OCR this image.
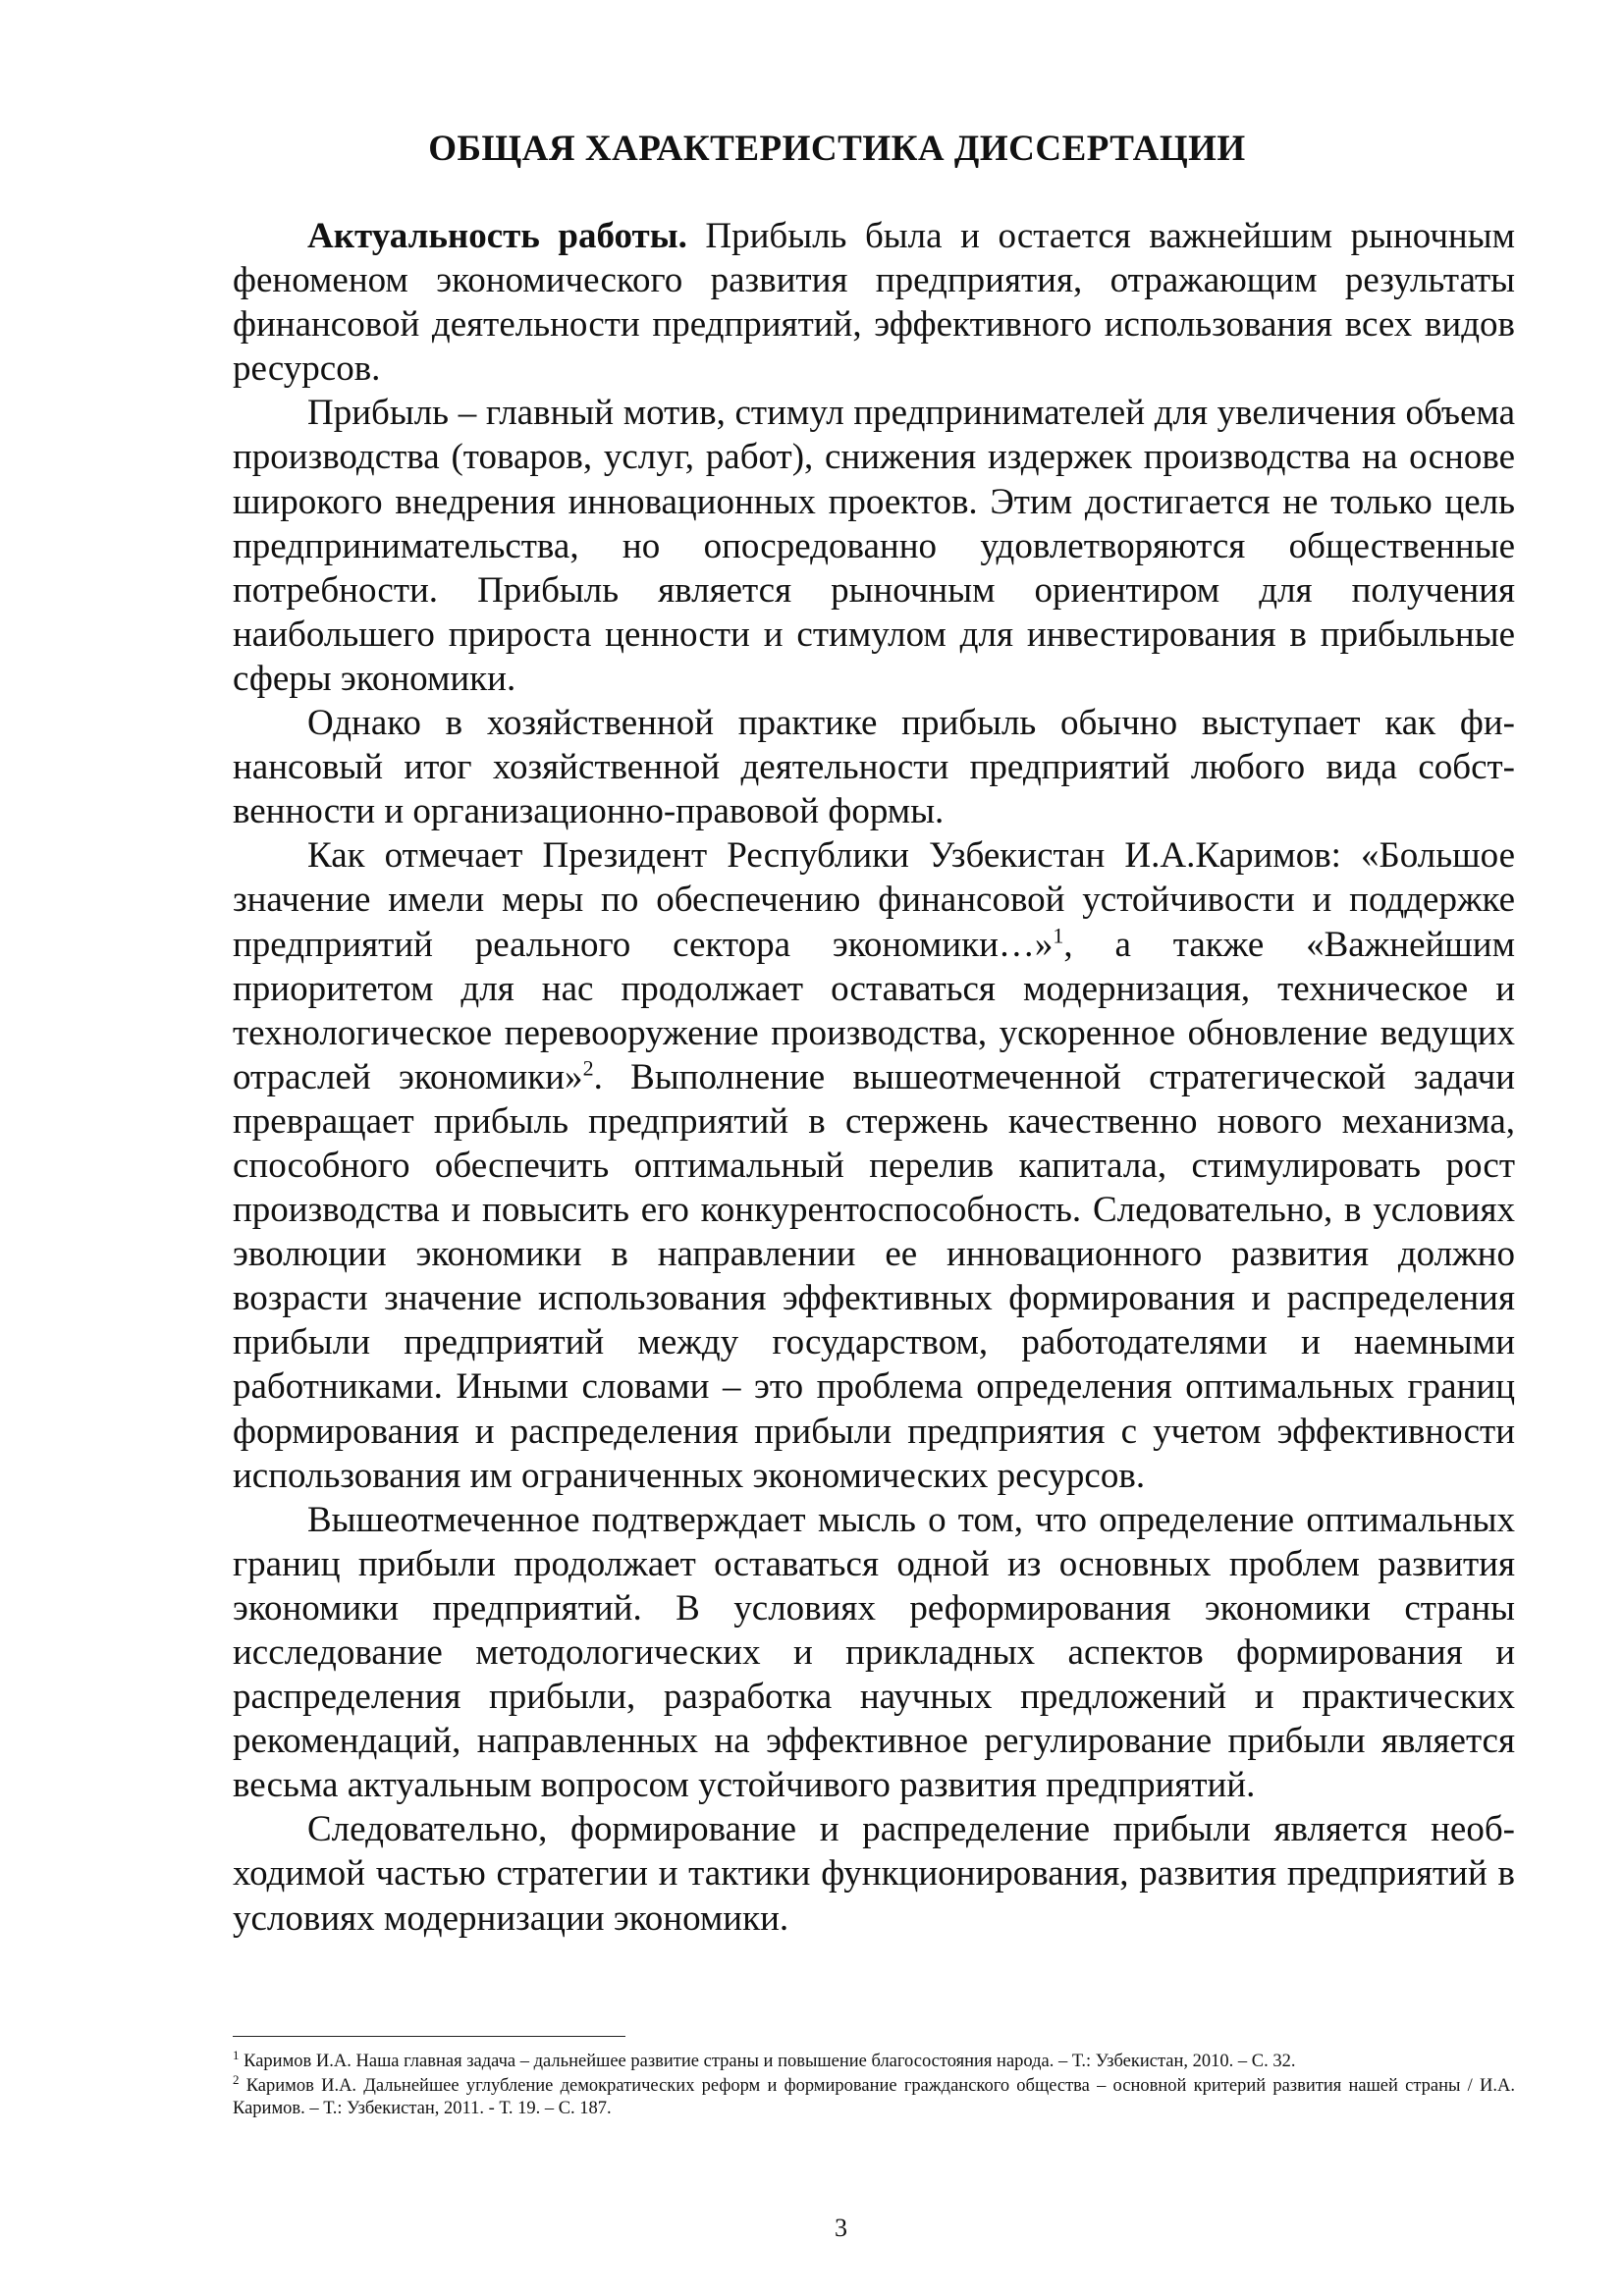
ОБЩАЯ ХАРАКТЕРИСТИКА ДИССЕРТАЦИИ

Актуальность работы. Прибыль была и остается важнейшим рыночным феноменом экономического развития предприятия, отражающим результаты финансовой деятельности предприятий, эффективного использования всех видов ресурсов.

Прибыль – главный мотив, стимул предпринимателей для увеличения объема производства (товаров, услуг, работ), снижения издержек производства на основе широкого внедрения инновационных проектов. Этим достигается не только цель предпринимательства, но опосредованно удовлетворяются общественные потребности. Прибыль является рыночным ориентиром для получения наибольшего прироста ценности и стимулом для инвестирования в прибыльные сферы экономики.

Однако в хозяйственной практике прибыль обычно выступает как финансовый итог хозяйственной деятельности предприятий любого вида собственности и организационно-правовой формы.

Как отмечает Президент Республики Узбекистан И.А.Каримов: «Большое значение имели меры по обеспечению финансовой устойчивости и поддержке предприятий реального сектора экономики…»$^1$, а также «Важнейшим приоритетом для нас продолжает оставаться модернизация, техническое и технологическое перевооружение производства, ускоренное обновление ведущих отраслей экономики»$^2$. Выполнение вышеотмеченной стратегической задачи превращает прибыль предприятий в стержень качественно нового механизма, способного обеспечить оптимальный перелив капитала, стимулировать рост производства и повысить его конкурентоспособность. Следовательно, в условиях эволюции экономики в направлении ее инновационного развития должно возрасти значение использования эффективных формирования и распределения прибыли предприятий между государством, работодателями и наемными работниками. Иными словами – это проблема определения оптимальных границ формирования и распределения прибыли предприятия с учетом эффективности использования им ограниченных экономических ресурсов.

Вышеотмеченное подтверждает мысль о том, что определение оптимальных границ прибыли продолжает оставаться одной из основных проблем развития экономики предприятий. В условиях реформирования экономики страны исследование методологических и прикладных аспектов формирования и распределения прибыли, разработка научных предложений и практических рекомендаций, направленных на эффективное регулирование прибыли является весьма актуальным вопросом устойчивого развития предприятий.

Следовательно, формирование и распределение прибыли является необходимой частью стратегии и тактики функционирования, развития предприятий в условиях модернизации экономики.

$^1$ Каримов И.А. Наша главная задача – дальнейшее развитие страны и повышение благосостояния народа. – Т.: Узбекистан, 2010. – С. 32.

$^2$ Каримов И.А. Дальнейшее углубление демократических реформ и формирование гражданского общества – основной критерий развития нашей страны / И.А. Каримов. – Т.: Узбекистан, 2011. - Т. 19. – С. 187.

3
